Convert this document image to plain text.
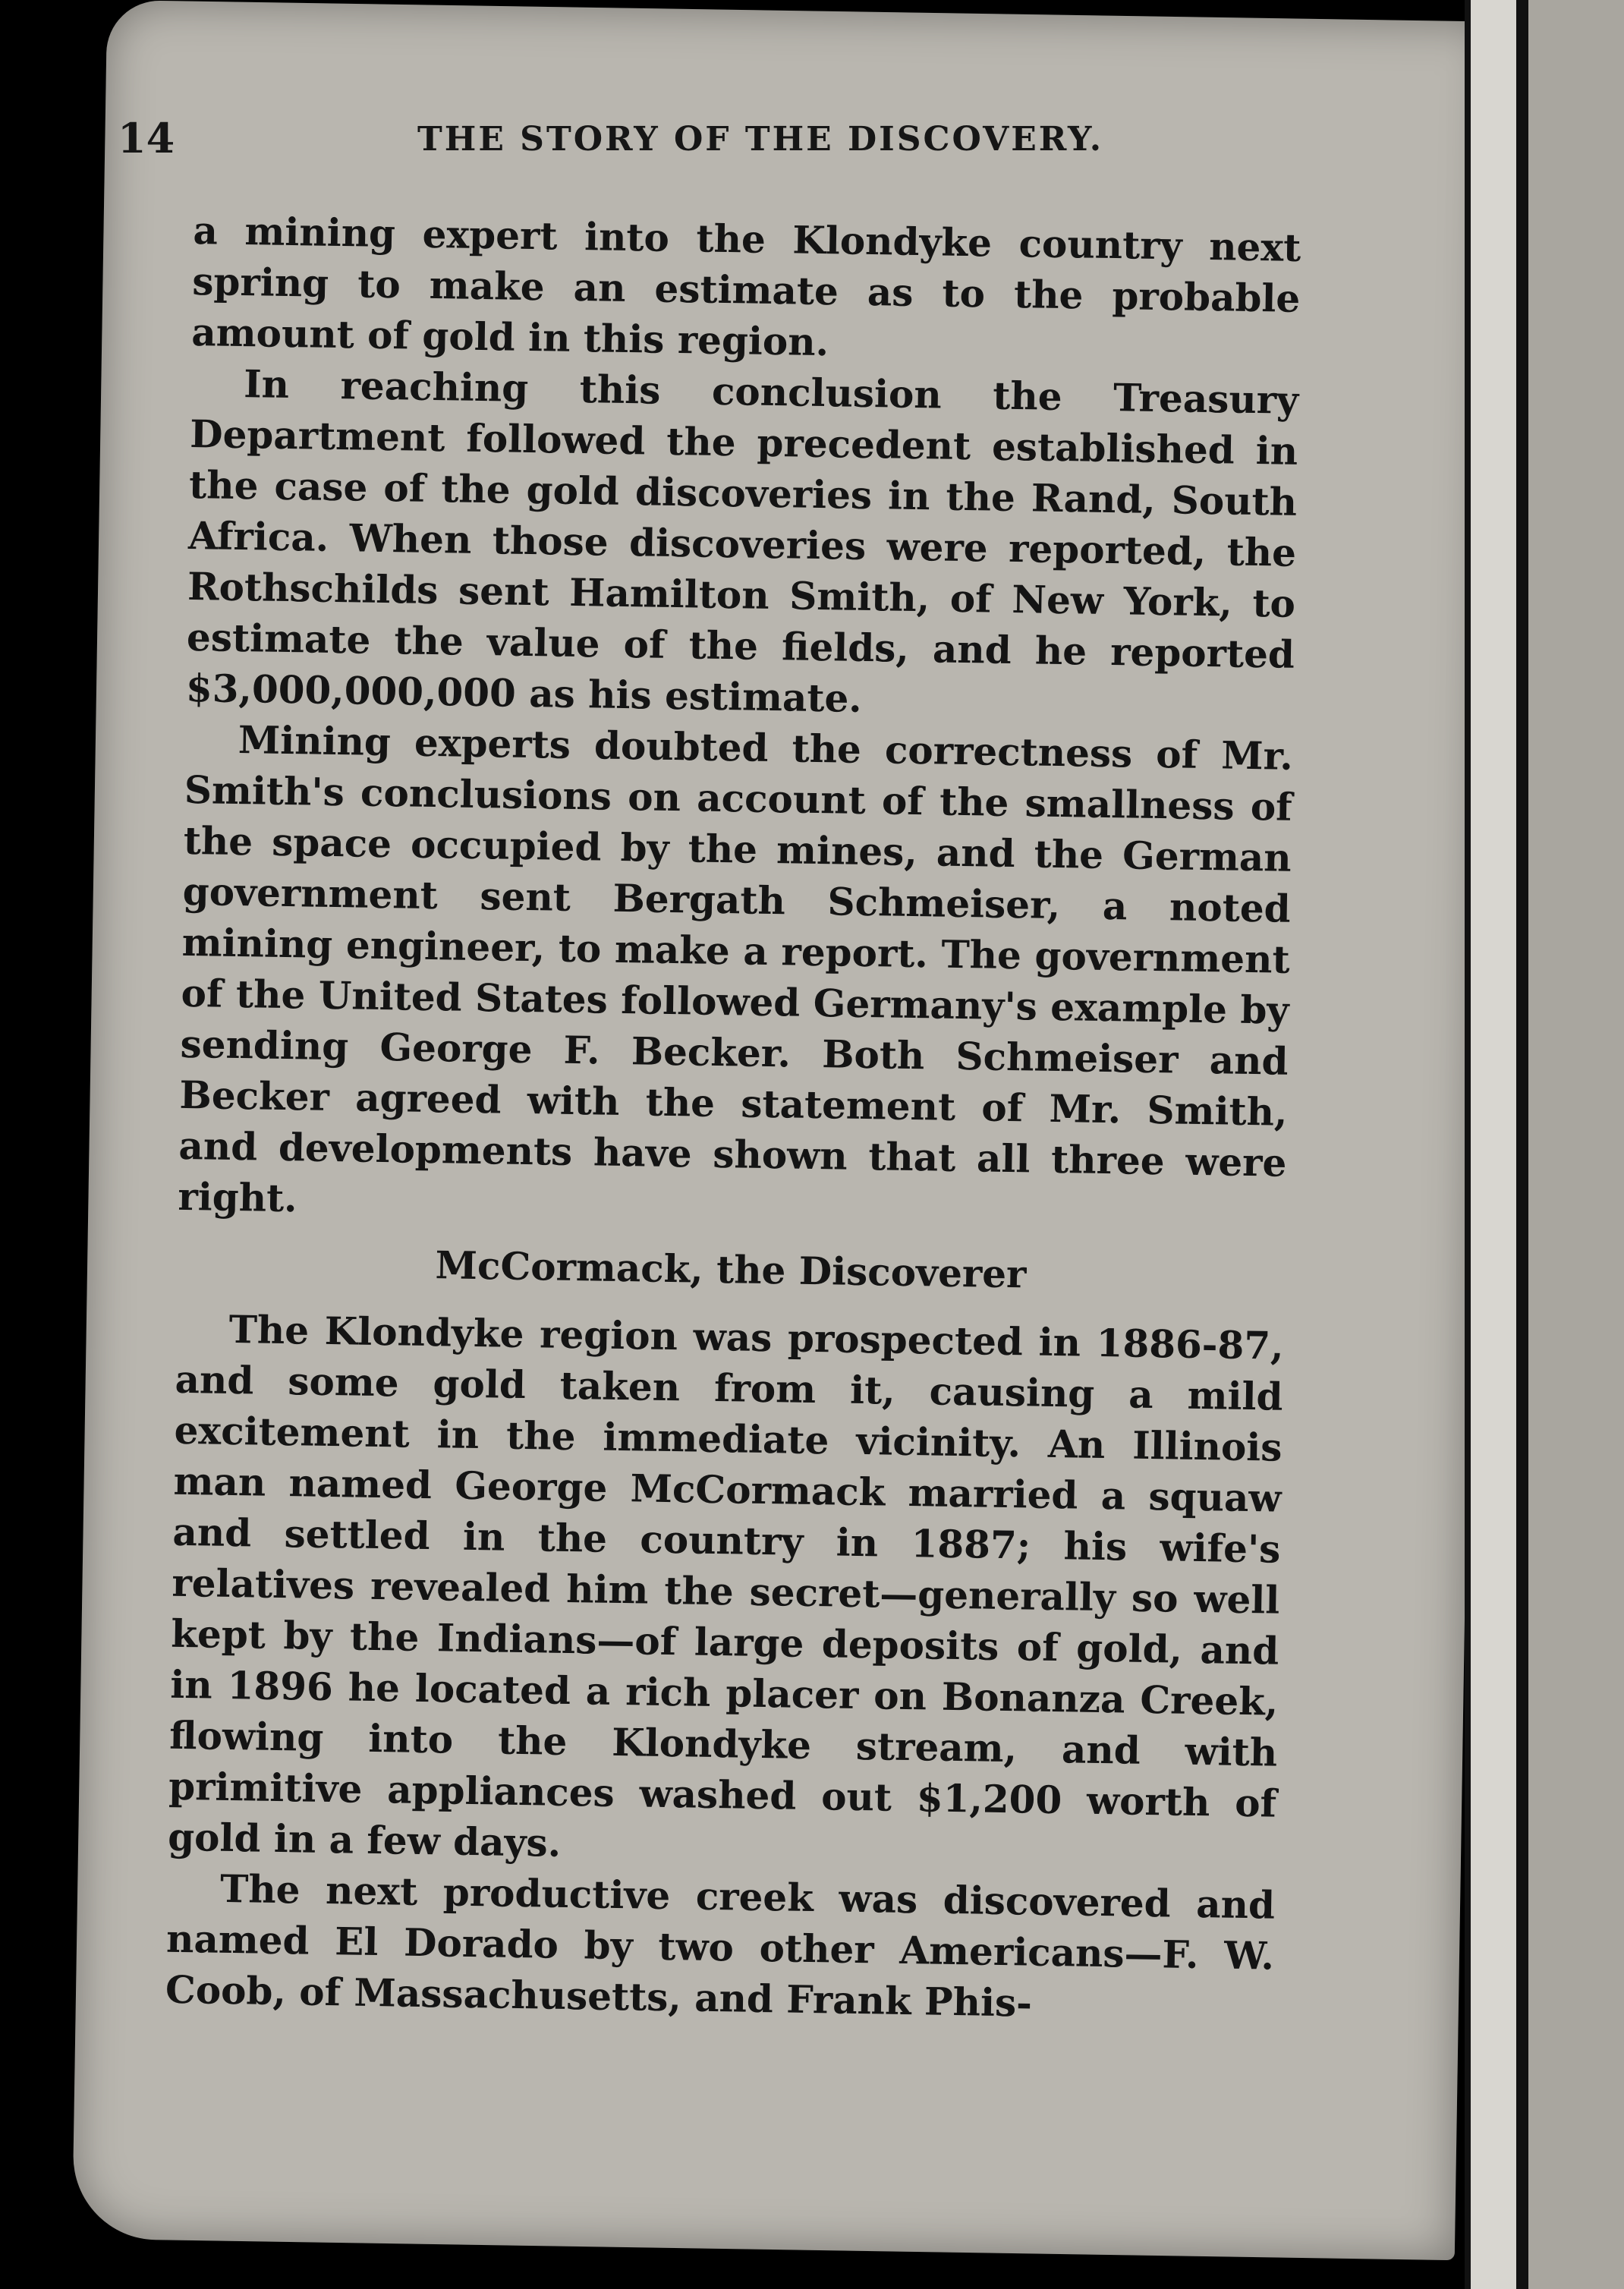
14	THE STORY OF THE DISCOVERY.

a mining expert into the Klondyke country next spring to make an estimate as to the probable amount of gold in this region.

In reaching this conclusion the Treasury Department followed the precedent established in the case of the gold discoveries in the Rand, South Africa. When those discoveries were reported, the Rothschilds sent Hamilton Smith, of New York, to estimate the value of the fields, and he reported $3,000,000,000 as his estimate.

Mining experts doubted the correctness of Mr. Smith's conclusions on account of the smallness of the space occupied by the mines, and the German government sent Bergath Schmeiser, a noted mining engineer, to make a report. The government of the United States followed Germany's example by sending George F. Becker. Both Schmeiser and Becker agreed with the statement of Mr. Smith, and developments have shown that all three were right.

McCormack, the Discoverer

The Klondyke region was prospected in 1886-87, and some gold taken from it, causing a mild excitement in the immediate vicinity. An Illinois man named George McCormack married a squaw and settled in the country in 1887; his wife's relatives revealed him the secret—generally so well kept by the Indians—of large deposits of gold, and in 1896 he located a rich placer on Bonanza Creek, flowing into the Klondyke stream, and with primitive appliances washed out $1,200 worth of gold in a few days.

The next productive creek was discovered and named El Dorado by two other Americans—F. W. Coob, of Massachusetts, and Frank Phis-
